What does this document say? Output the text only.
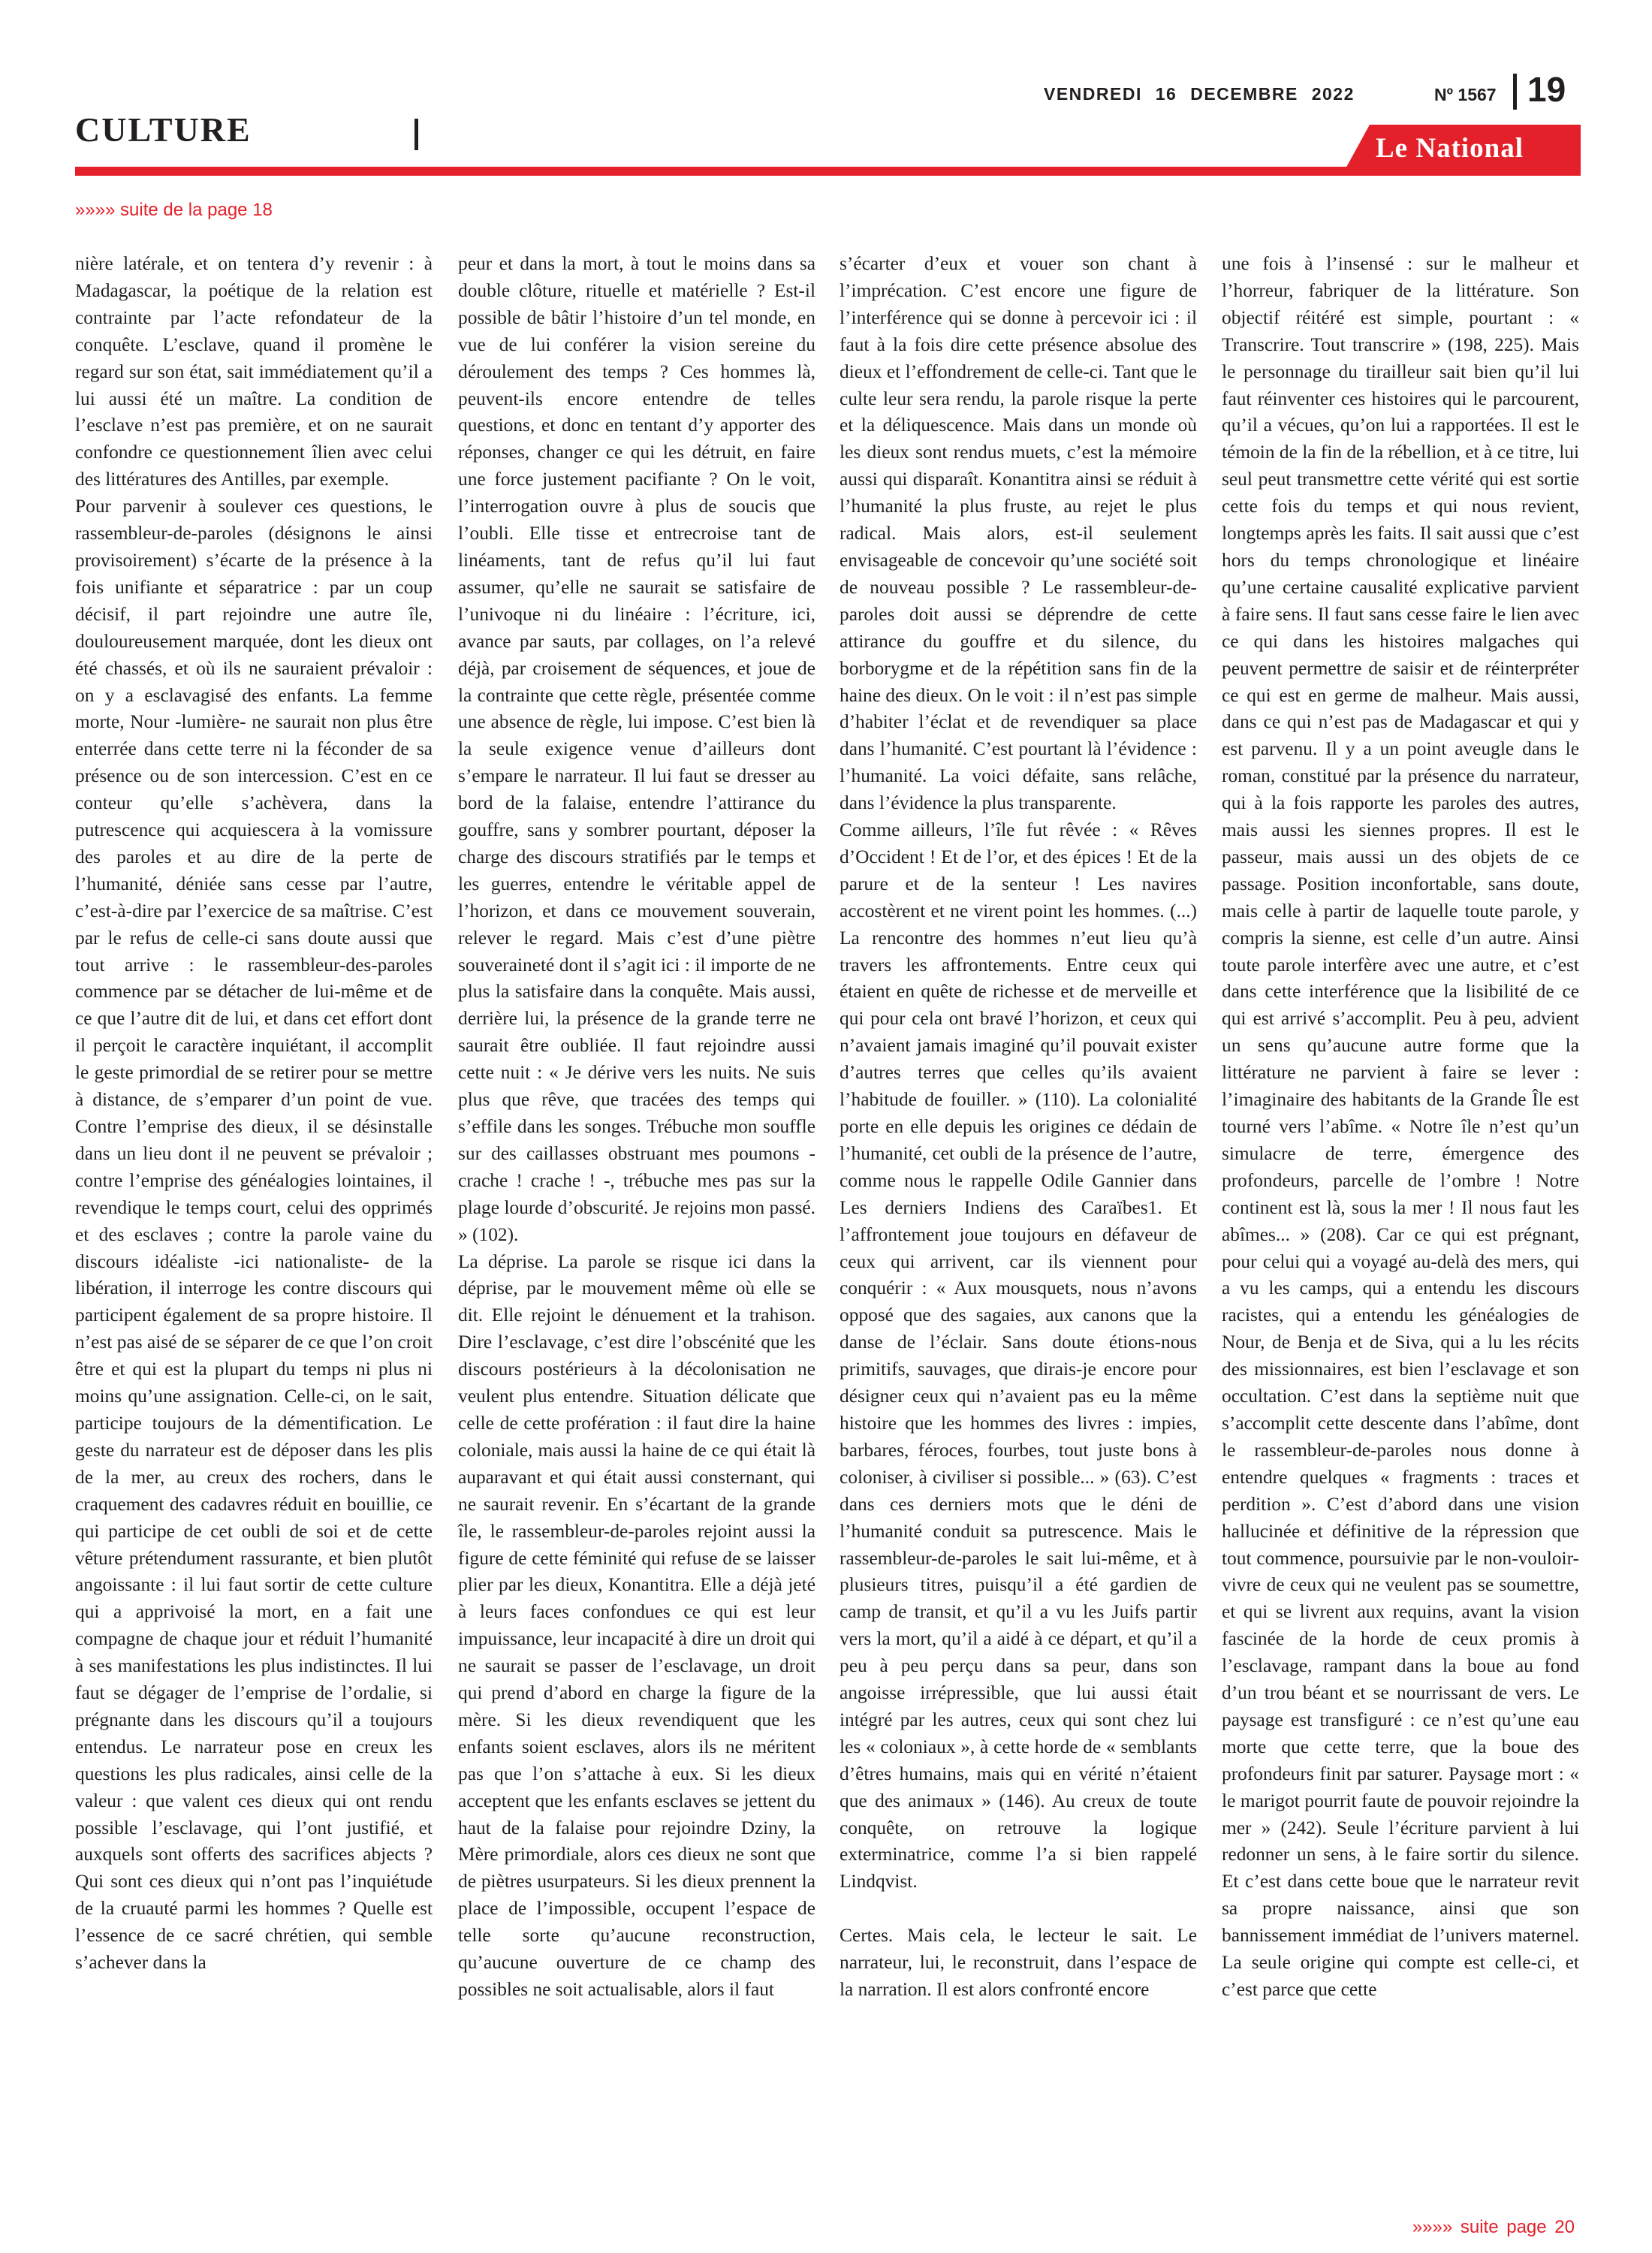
VENDREDI 16 DECEMBRE 2022	Nº 1567 19
CULTURE	Le National
»»»» suite de la page 18

nière latérale, et on tentera d’y revenir : à Madagascar, la poétique de la relation est contrainte par l’acte refondateur de la conquête. L’esclave, quand il promène le regard sur son état, sait immédiatement qu’il a lui aussi été un maître. La condition de l’esclave n’est pas première, et on ne saurait confondre ce questionnement îlien avec celui des littératures des Antilles, par exemple.

Pour parvenir à soulever ces questions, le rassembleur-de-paroles (désignons le ainsi provisoirement) s’écarte de la présence à la fois unifiante et séparatrice : par un coup décisif, il part rejoindre une autre île, douloureusement marquée, dont les dieux ont été chassés, et où ils ne sauraient prévaloir : on y a esclavagisé des enfants. La femme morte, Nour -lumière- ne saurait non plus être enterrée dans cette terre ni la féconder de sa présence ou de son intercession. C’est en ce conteur qu’elle s’achèvera, dans la putrescence qui acquiescera à la vomissure des paroles et au dire de la perte de l’humanité, déniée sans cesse par l’autre, c’est-à-dire par l’exercice de sa maîtrise. C’est par le refus de celle-ci sans doute aussi que tout arrive : le rassembleur-des-paroles commence par se détacher de lui-même et de ce que l’autre dit de lui, et dans cet effort dont il perçoit le caractère inquiétant, il accomplit le geste primordial de se retirer pour se mettre à distance, de s’emparer d’un point de vue. Contre l’emprise des dieux, il se désinstalle dans un lieu dont il ne peuvent se prévaloir ; contre l’emprise des généalogies lointaines, il revendique le temps court, celui des opprimés et des esclaves ; contre la parole vaine du discours idéaliste -ici nationaliste- de la libération, il interroge les contre discours qui participent également de sa propre histoire. Il n’est pas aisé de se séparer de ce que l’on croit être et qui est la plupart du temps ni plus ni moins qu’une assignation. Celle-ci, on le sait, participe toujours de la démentification. Le geste du narrateur est de déposer dans les plis de la mer, au creux des rochers, dans le craquement des cadavres réduit en bouillie, ce qui participe de cet oubli de soi et de cette vêture prétendument rassurante, et bien plutôt angoissante : il lui faut sortir de cette culture qui a apprivoisé la mort, en a fait une compagne de chaque jour et réduit l’humanité à ses manifestations les plus indistinctes. Il lui faut se dégager de l’emprise de l’ordalie, si prégnante dans les discours qu’il a toujours entendus. Le narrateur pose en creux les questions les plus radicales, ainsi celle de la valeur : que valent ces dieux qui ont rendu possible l’esclavage, qui l’ont justifié, et auxquels sont offerts des sacrifices abjects ? Qui sont ces dieux qui n’ont pas l’inquiétude de la cruauté parmi les hommes ? Quelle est l’essence de ce sacré chrétien, qui semble s’achever dans la

peur et dans la mort, à tout le moins dans sa double clôture, rituelle et matérielle ? Est-il possible de bâtir l’histoire d’un tel monde, en vue de lui conférer la vision sereine du déroulement des temps ? Ces hommes là, peuvent-ils encore entendre de telles questions, et donc en tentant d’y apporter des réponses, changer ce qui les détruit, en faire une force justement pacifiante ? On le voit, l’interrogation ouvre à plus de soucis que l’oubli. Elle tisse et entrecroise tant de linéaments, tant de refus qu’il lui faut assumer, qu’elle ne saurait se satisfaire de l’univoque ni du linéaire : l’écriture, ici, avance par sauts, par collages, on l’a relevé déjà, par croisement de séquences, et joue de la contrainte que cette règle, présentée comme une absence de règle, lui impose. C’est bien là la seule exigence venue d’ailleurs dont s’empare le narrateur. Il lui faut se dresser au bord de la falaise, entendre l’attirance du gouffre, sans y sombrer pourtant, déposer la charge des discours stratifiés par le temps et les guerres, entendre le véritable appel de l’horizon, et dans ce mouvement souverain, relever le regard. Mais c’est d’une piètre souveraineté dont il s’agit ici : il importe de ne plus la satisfaire dans la conquête. Mais aussi, derrière lui, la présence de la grande terre ne saurait être oubliée. Il faut rejoindre aussi cette nuit : « Je dérive vers les nuits. Ne suis plus que rêve, que tracées des temps qui s’effile dans les songes. Trébuche mon souffle sur des caillasses obstruant mes poumons - crache ! crache ! -, trébuche mes pas sur la plage lourde d’obscurité. Je rejoins mon passé. » (102).

La déprise. La parole se risque ici dans la déprise, par le mouvement même où elle se dit. Elle rejoint le dénuement et la trahison. Dire l’esclavage, c’est dire l’obscénité que les discours postérieurs à la décolonisation ne veulent plus entendre. Situation délicate que celle de cette profération : il faut dire la haine coloniale, mais aussi la haine de ce qui était là auparavant et qui était aussi consternant, qui ne saurait revenir. En s’écartant de la grande île, le rassembleur-de-paroles rejoint aussi la figure de cette féminité qui refuse de se laisser plier par les dieux, Konantitra. Elle a déjà jeté à leurs faces confondues ce qui est leur impuissance, leur incapacité à dire un droit qui ne saurait se passer de l’esclavage, un droit qui prend d’abord en charge la figure de la mère. Si les dieux revendiquent que les enfants soient esclaves, alors ils ne méritent pas que l’on s’attache à eux. Si les dieux acceptent que les enfants esclaves se jettent du haut de la falaise pour rejoindre Dziny, la Mère primordiale, alors ces dieux ne sont que de piètres usurpateurs. Si les dieux prennent la place de l’impossible, occupent l’espace de telle sorte qu’aucune reconstruction, qu’aucune ouverture de ce champ des possibles ne soit actualisable, alors il faut

s’écarter d’eux et vouer son chant à l’imprécation. C’est encore une figure de l’interférence qui se donne à percevoir ici : il faut à la fois dire cette présence absolue des dieux et l’effondrement de celle-ci. Tant que le culte leur sera rendu, la parole risque la perte et la déliquescence. Mais dans un monde où les dieux sont rendus muets, c’est la mémoire aussi qui disparaît. Konantitra ainsi se réduit à l’humanité la plus fruste, au rejet le plus radical. Mais alors, est-il seulement envisageable de concevoir qu’une société soit de nouveau possible ? Le rassembleur-de-paroles doit aussi se déprendre de cette attirance du gouffre et du silence, du borborygme et de la répétition sans fin de la haine des dieux. On le voit : il n’est pas simple d’habiter l’éclat et de revendiquer sa place dans l’humanité. C’est pourtant là l’évidence : l’humanité. La voici défaite, sans relâche, dans l’évidence la plus transparente.

Comme ailleurs, l’île fut rêvée : « Rêves d’Occident ! Et de l’or, et des épices ! Et de la parure et de la senteur ! Les navires accostèrent et ne virent point les hommes. (...) La rencontre des hommes n’eut lieu qu’à travers les affrontements. Entre ceux qui étaient en quête de richesse et de merveille et qui pour cela ont bravé l’horizon, et ceux qui n’avaient jamais imaginé qu’il pouvait exister d’autres terres que celles qu’ils avaient l’habitude de fouiller. » (110). La colonialité porte en elle depuis les origines ce dédain de l’humanité, cet oubli de la présence de l’autre, comme nous le rappelle Odile Gannier dans Les derniers Indiens des Caraïbes1. Et l’affrontement joue toujours en défaveur de ceux qui arrivent, car ils viennent pour conquérir : « Aux mousquets, nous n’avons opposé que des sagaies, aux canons que la danse de l’éclair. Sans doute étions-nous primitifs, sauvages, que dirais-je encore pour désigner ceux qui n’avaient pas eu la même histoire que les hommes des livres : impies, barbares, féroces, fourbes, tout juste bons à coloniser, à civiliser si possible... » (63). C’est dans ces derniers mots que le déni de l’humanité conduit sa putrescence. Mais le rassembleur-de-paroles le sait lui-même, et à plusieurs titres, puisqu’il a été gardien de camp de transit, et qu’il a vu les Juifs partir vers la mort, qu’il a aidé à ce départ, et qu’il a peu à peu perçu dans sa peur, dans son angoisse irrépressible, que lui aussi était intégré par les autres, ceux qui sont chez lui les « coloniaux », à cette horde de « semblants d’êtres humains, mais qui en vérité n’étaient que des animaux » (146). Au creux de toute conquête, on retrouve la logique exterminatrice, comme l’a si bien rappelé Lindqvist.

Certes. Mais cela, le lecteur le sait. Le narrateur, lui, le reconstruit, dans l’espace de la narration. Il est alors confronté encore

une fois à l’insensé : sur le malheur et l’horreur, fabriquer de la littérature. Son objectif réitéré est simple, pourtant : « Transcrire. Tout transcrire » (198, 225). Mais le personnage du tirailleur sait bien qu’il lui faut réinventer ces histoires qui le parcourent, qu’il a vécues, qu’on lui a rapportées. Il est le témoin de la fin de la rébellion, et à ce titre, lui seul peut transmettre cette vérité qui est sortie cette fois du temps et qui nous revient, longtemps après les faits. Il sait aussi que c’est hors du temps chronologique et linéaire qu’une certaine causalité explicative parvient à faire sens. Il faut sans cesse faire le lien avec ce qui dans les histoires malgaches qui peuvent permettre de saisir et de réinterpréter ce qui est en germe de malheur. Mais aussi, dans ce qui n’est pas de Madagascar et qui y est parvenu. Il y a un point aveugle dans le roman, constitué par la présence du narrateur, qui à la fois rapporte les paroles des autres, mais aussi les siennes propres. Il est le passeur, mais aussi un des objets de ce passage. Position inconfortable, sans doute, mais celle à partir de laquelle toute parole, y compris la sienne, est celle d’un autre. Ainsi toute parole interfère avec une autre, et c’est dans cette interférence que la lisibilité de ce qui est arrivé s’accomplit. Peu à peu, advient un sens qu’aucune autre forme que la littérature ne parvient à faire se lever : l’imaginaire des habitants de la Grande Île est tourné vers l’abîme. « Notre île n’est qu’un simulacre de terre, émergence des profondeurs, parcelle de l’ombre ! Notre continent est là, sous la mer ! Il nous faut les abîmes... » (208). Car ce qui est prégnant, pour celui qui a voyagé au-delà des mers, qui a vu les camps, qui a entendu les discours racistes, qui a entendu les généalogies de Nour, de Benja et de Siva, qui a lu les récits des missionnaires, est bien l’esclavage et son occultation. C’est dans la septième nuit que s’accomplit cette descente dans l’abîme, dont le rassembleur-de-paroles nous donne à entendre quelques « fragments : traces et perdition ». C’est d’abord dans une vision hallucinée et définitive de la répression que tout commence, poursuivie par le non-vouloir-vivre de ceux qui ne veulent pas se soumettre, et qui se livrent aux requins, avant la vision fascinée de la horde de ceux promis à l’esclavage, rampant dans la boue au fond d’un trou béant et se nourrissant de vers. Le paysage est transfiguré : ce n’est qu’une eau morte que cette terre, que la boue des profondeurs finit par saturer. Paysage mort : « le marigot pourrit faute de pouvoir rejoindre la mer » (242). Seule l’écriture parvient à lui redonner un sens, à le faire sortir du silence. Et c’est dans cette boue que le narrateur revit sa propre naissance, ainsi que son bannissement immédiat de l’univers maternel. La seule origine qui compte est celle-ci, et c’est parce que cette

»»»» suite page 20
